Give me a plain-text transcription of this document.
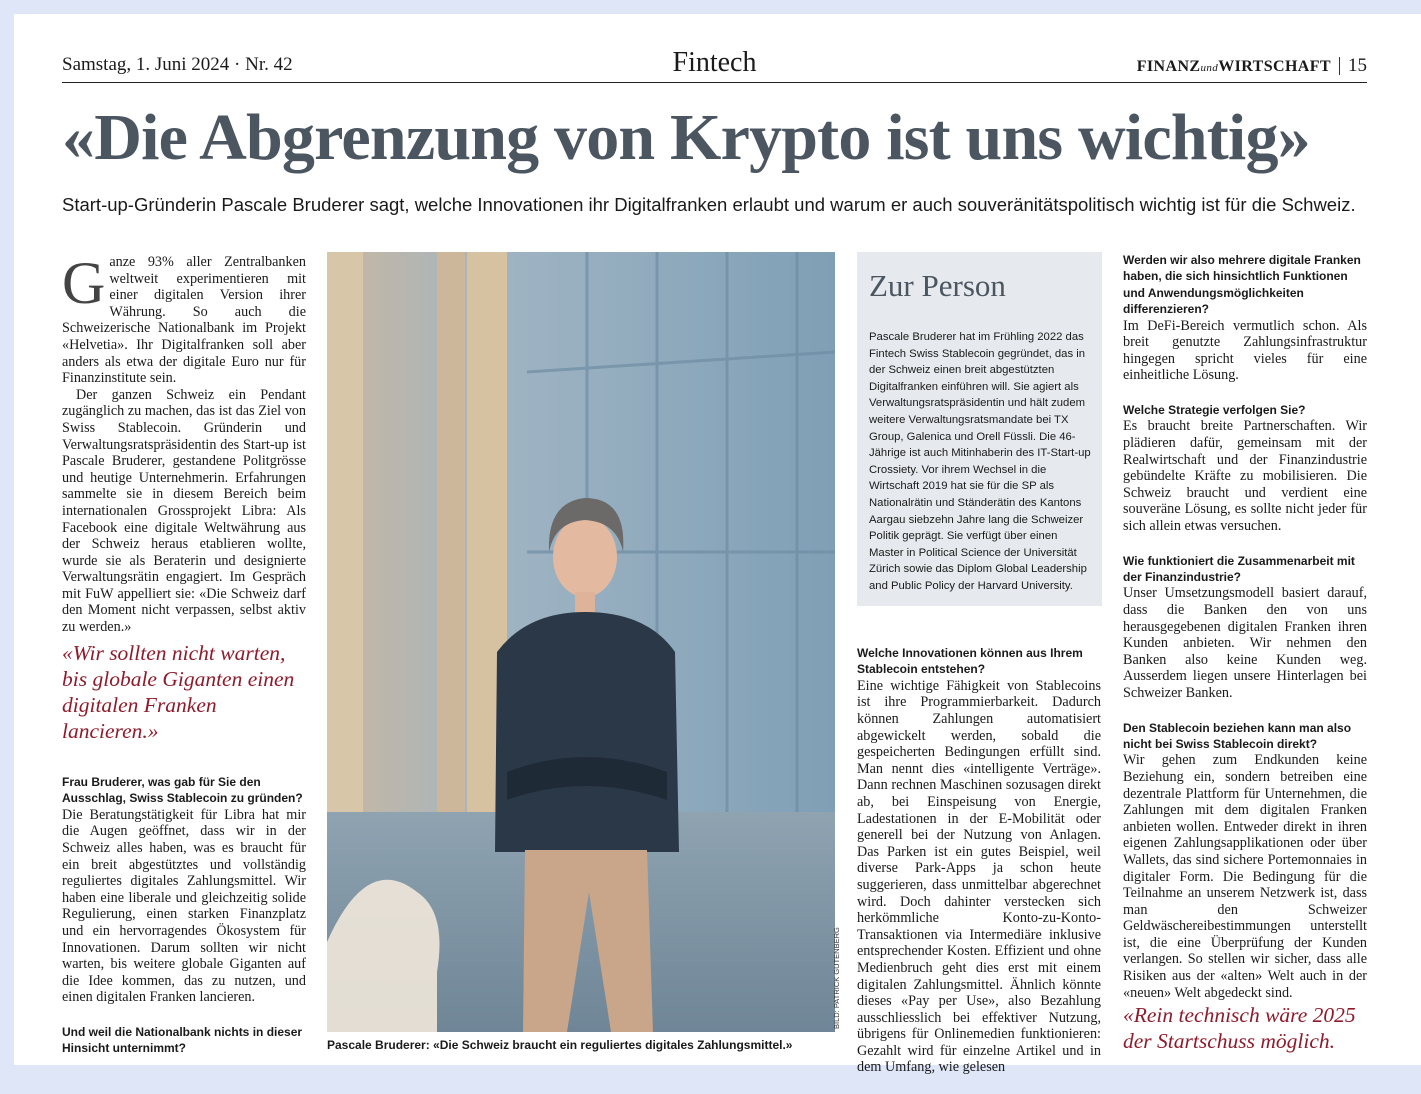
Samstag, 1. Juni 2024 · Nr. 42	Fintech	FINANZundWIRTSCHAFT 15
«Die Abgrenzung von Krypto ist uns wichtig»
Start-up-Gründerin Pascale Bruderer sagt, welche Innovationen ihr Digitalfranken erlaubt und warum er auch souveränitätspolitisch wichtig ist für die Schweiz.

Ganze 93% aller Zentralbanken weltweit experimentieren mit einer digitalen Version ihrer Währung. So auch die Schweizerische Nationalbank im Projekt «Helvetia». Ihr Digitalfranken soll aber anders als etwa der digitale Euro nur für Finanzinstitute sein.

Der ganzen Schweiz ein Pendant zugänglich zu machen, das ist das Ziel von Swiss Stablecoin. Gründerin und Verwaltungsratspräsidentin des Start-up ist Pascale Bruderer, gestandene Politgrösse und heutige Unternehmerin. Erfahrungen sammelte sie in diesem Bereich beim internationalen Grossprojekt Libra: Als Facebook eine digitale Weltwährung aus der Schweiz heraus etablieren wollte, wurde sie als Beraterin und designierte Verwaltungsrätin engagiert. Im Gespräch mit FuW appelliert sie: «Die Schweiz darf den Moment nicht verpassen, selbst aktiv zu werden.»

«Wir sollten nicht warten, bis globale Giganten einen digitalen Franken lancieren.»
Frau Bruderer, was gab für Sie den Ausschlag, Swiss Stablecoin zu gründen?

Die Beratungstätigkeit für Libra hat mir die Augen geöffnet, dass wir in der Schweiz alles haben, was es braucht für ein breit abgestütztes und vollständig reguliertes digitales Zahlungsmittel. Wir haben eine liberale und gleichzeitig solide Regulierung, einen starken Finanzplatz und ein hervorragendes Ökosystem für Innovationen. Darum sollten wir nicht warten, bis weitere globale Giganten auf die Idee kommen, das zu nutzen, und einen digitalen Franken lancieren.

Und weil die Nationalbank nichts in dieser Hinsicht unternimmt?
BILD: PATRICK GUTENBERG
Pascale Bruderer: «Die Schweiz braucht ein reguliertes digitales Zahlungsmittel.»
Zur Person
Pascale Bruderer hat im Frühling 2022 das Fintech Swiss Stablecoin gegründet, das in der Schweiz einen breit abgestützten Digitalfranken einführen will. Sie agiert als Verwaltungsratspräsidentin und hält zudem weitere Verwaltungsratsmandate bei TX Group, Galenica und Orell Füssli. Die 46-Jährige ist auch Mitinhaberin des IT-Start-up Crossiety. Vor ihrem Wechsel in die Wirtschaft 2019 hat sie für die SP als Nationalrätin und Ständerätin des Kantons Aargau siebzehn Jahre lang die Schweizer Politik geprägt. Sie verfügt über einen Master in Political Science der Universität Zürich sowie das Diplom Global Leadership and Public Policy der Harvard University.
Welche Innovationen können aus Ihrem Stablecoin entstehen?

Eine wichtige Fähigkeit von Stablecoins ist ihre Programmierbarkeit. Dadurch können Zahlungen automatisiert abgewickelt werden, sobald die gespeicherten Bedingungen erfüllt sind. Man nennt dies «intelligente Verträge». Dann rechnen Maschinen sozusagen direkt ab, bei Einspeisung von Energie, Ladestationen in der E-Mobilität oder generell bei der Nutzung von Anlagen. Das Parken ist ein gutes Beispiel, weil diverse Park-Apps ja schon heute suggerieren, dass unmittelbar abgerechnet wird. Doch dahinter verstecken sich herkömmliche Konto-zu-Konto-Transaktionen via Intermediäre inklusive entsprechender Kosten. Effizient und ohne Medienbruch geht dies erst mit einem digitalen Zahlungsmittel. Ähnlich könnte dieses «Pay per Use», also Bezahlung ausschliesslich bei effektiver Nutzung, übrigens für Onlinemedien funktionieren: Gezahlt wird für einzelne Artikel und in dem Umfang, wie gelesen

Werden wir also mehrere digitale Franken haben, die sich hinsichtlich Funktionen und Anwendungsmöglichkeiten differenzieren?

Im DeFi-Bereich vermutlich schon. Als breit genutzte Zahlungsinfrastruktur hingegen spricht vieles für eine einheitliche Lösung.

Welche Strategie verfolgen Sie?

Es braucht breite Partnerschaften. Wir plädieren dafür, gemeinsam mit der Realwirtschaft und der Finanzindustrie gebündelte Kräfte zu mobilisieren. Die Schweiz braucht und verdient eine souveräne Lösung, es sollte nicht jeder für sich allein etwas versuchen.

Wie funktioniert die Zusammenarbeit mit der Finanzindustrie?

Unser Umsetzungsmodell basiert darauf, dass die Banken den von uns herausgegebenen digitalen Franken ihren Kunden anbieten. Wir nehmen den Banken also keine Kunden weg. Ausserdem liegen unsere Hinterlagen bei Schweizer Banken.

Den Stablecoin beziehen kann man also nicht bei Swiss Stablecoin direkt?

Wir gehen zum Endkunden keine Beziehung ein, sondern betreiben eine dezentrale Plattform für Unternehmen, die Zahlungen mit dem digitalen Franken anbieten wollen. Entweder direkt in ihren eigenen Zahlungsapplikationen oder über Wallets, das sind sichere Portemonnaies in digitaler Form. Die Bedingung für die Teilnahme an unserem Netzwerk ist, dass man den Schweizer Geldwäschereibestimmungen unterstellt ist, die eine Überprüfung der Kunden verlangen. So stellen wir sicher, dass alle Risiken aus der «alten» Welt auch in der «neuen» Welt abgedeckt sind.

«Rein technisch wäre 2025 der Startschuss möglich.
